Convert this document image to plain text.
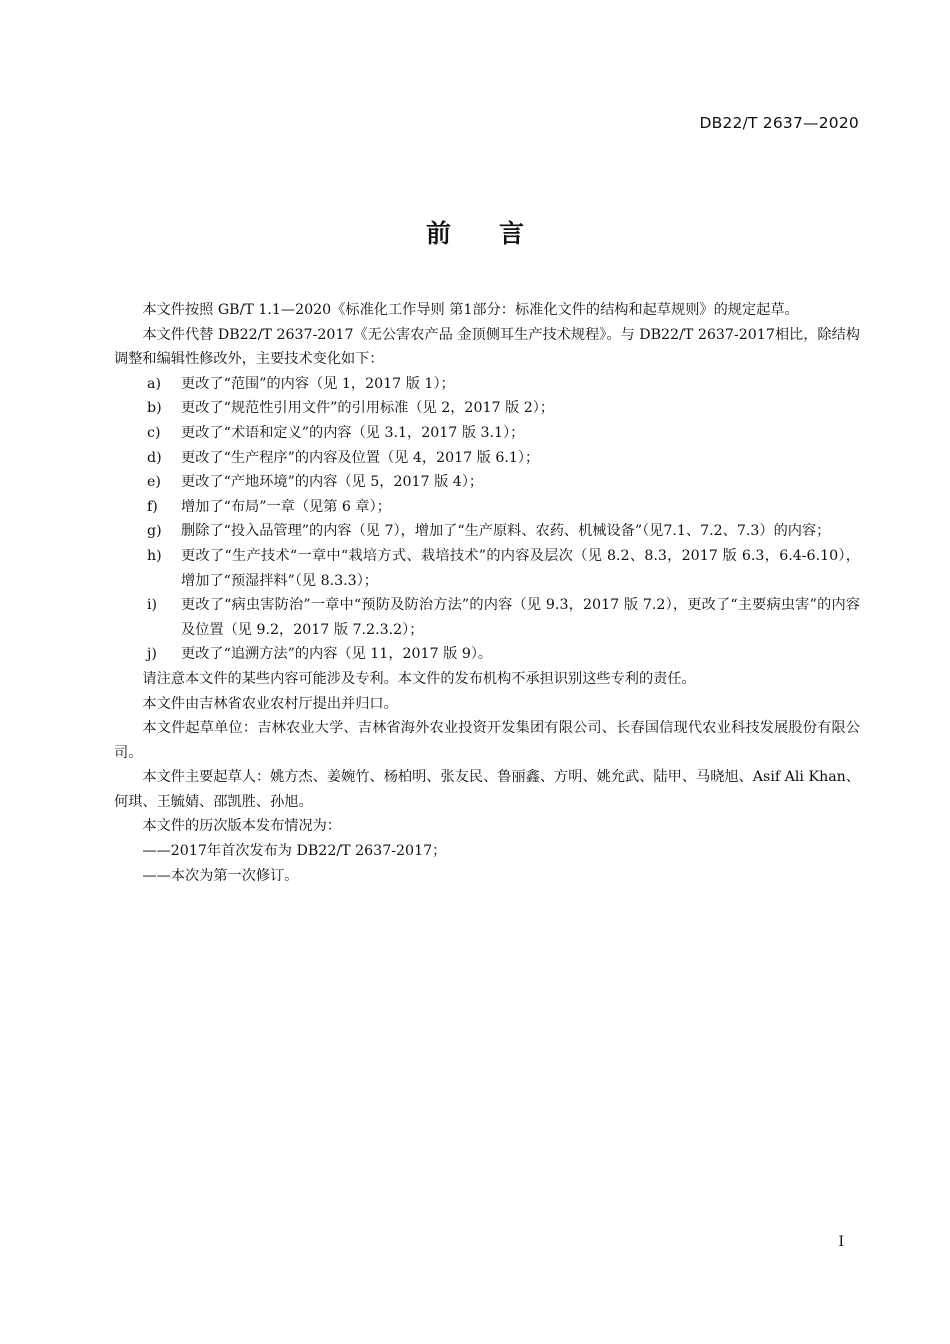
DB22/T 2637—2020
前 言

本文件按照 GB/T 1.1—2020《标准化工作导则 第1部分：标准化文件的结构和起草规则》的规定起草。

本文件代替 DB22/T 2637-2017《无公害农产品 金顶侧耳生产技术规程》。与 DB22/T 2637-2017相比，除结构调整和编辑性修改外，主要技术变化如下：

a)	更改了“范围”的内容（见 1，2017 版 1）；
b)	更改了“规范性引用文件”的引用标准（见 2，2017 版 2）；
c)	更改了“术语和定义”的内容（见 3.1，2017 版 3.1）；
d)	更改了“生产程序”的内容及位置（见 4，2017 版 6.1）；
e)	更改了“产地环境”的内容（见 5，2017 版 4）；
f)	增加了“布局”一章（见第 6 章）；
g)	删除了“投入品管理”的内容（见 7），增加了“生产原料、农药、机械设备”（见7.1、7.2、7.3）的内容；
h)	更改了“生产技术“一章中“栽培方式、栽培技术”的内容及层次（见 8.2、8.3，2017 版 6.3，6.4-6.10），增加了“预湿拌料”（见 8.3.3）；
i)	更改了“病虫害防治”一章中“预防及防治方法”的内容（见 9.3，2017 版 7.2），更改了“主要病虫害”的内容及位置（见 9.2，2017 版 7.2.3.2）；
j)	更改了“追溯方法”的内容（见 11，2017 版 9）。

请注意本文件的某些内容可能涉及专利。本文件的发布机构不承担识别这些专利的责任。

本文件由吉林省农业农村厅提出并归口。

本文件起草单位：吉林农业大学、吉林省海外农业投资开发集团有限公司、长春国信现代农业科技发展股份有限公司。

本文件主要起草人：姚方杰、姜婉竹、杨柏明、张友民、鲁丽鑫、方明、姚允武、陆甲、马晓旭、Asif Ali Khan、何琪、王毓婧、邵凯胜、孙旭。

本文件的历次版本发布情况为：

——2017年首次发布为 DB22/T 2637-2017；

——本次为第一次修订。

I
